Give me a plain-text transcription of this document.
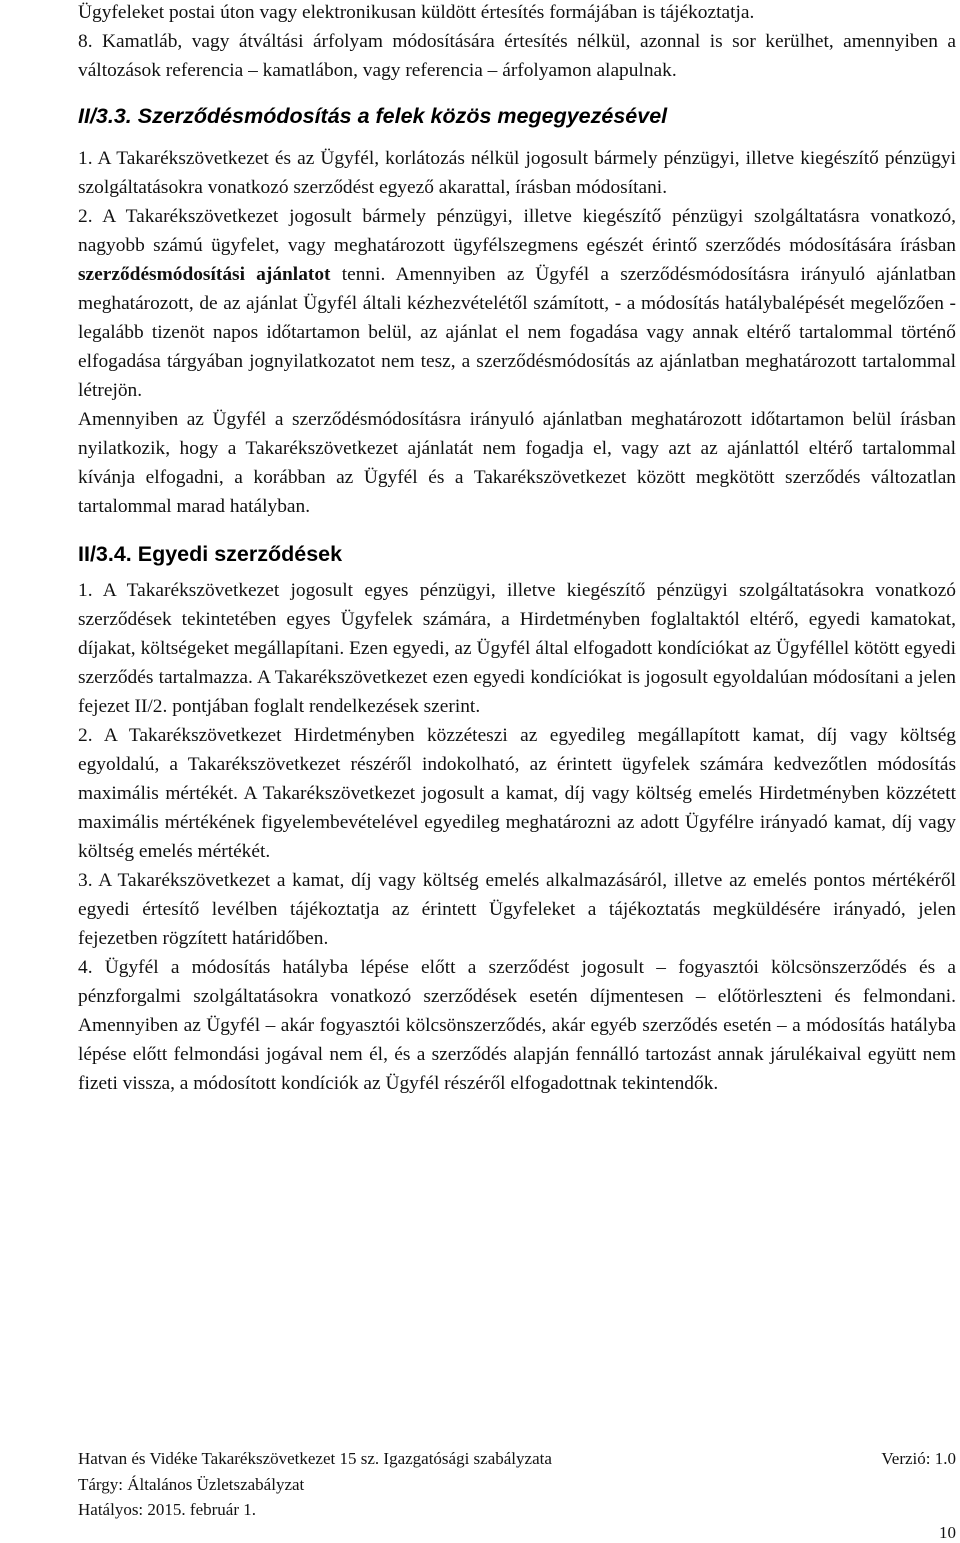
Ügyfeleket postai úton vagy elektronikusan küldött értesítés formájában is tájékoztatja.

8. Kamatláb, vagy átváltási árfolyam módosítására értesítés nélkül, azonnal is sor kerülhet, amennyiben a változások referencia – kamatlábon, vagy referencia – árfolyamon alapulnak.

II/3.3. Szerződésmódosítás a felek közös megegyezésével

1. A Takarékszövetkezet és az Ügyfél, korlátozás nélkül jogosult bármely pénzügyi, illetve kiegészítő pénzügyi szolgáltatásokra vonatkozó szerződést egyező akarattal, írásban módosítani.

2. A Takarékszövetkezet jogosult bármely pénzügyi, illetve kiegészítő pénzügyi szolgáltatásra vonatkozó, nagyobb számú ügyfelet, vagy meghatározott ügyfélszegmens egészét érintő szerződés módosítására írásban szerződésmódosítási ajánlatot tenni. Amennyiben az Ügyfél a szerződésmódosításra irányuló ajánlatban meghatározott, de az ajánlat Ügyfél általi kézhezvételétől számított, - a módosítás hatálybalépését megelőzően - legalább tizenöt napos időtartamon belül, az ajánlat el nem fogadása vagy annak eltérő tartalommal történő elfogadása tárgyában jognyilatkozatot nem tesz, a szerződésmódosítás az ajánlatban meghatározott tartalommal létrejön.

Amennyiben az Ügyfél a szerződésmódosításra irányuló ajánlatban meghatározott időtartamon belül írásban nyilatkozik, hogy a Takarékszövetkezet ajánlatát nem fogadja el, vagy azt az ajánlattól eltérő tartalommal kívánja elfogadni, a korábban az Ügyfél és a Takarékszövetkezet között megkötött szerződés változatlan tartalommal marad hatályban.

II/3.4. Egyedi szerződések

1. A Takarékszövetkezet jogosult egyes pénzügyi, illetve kiegészítő pénzügyi szolgáltatásokra vonatkozó szerződések tekintetében egyes Ügyfelek számára, a Hirdetményben foglaltaktól eltérő, egyedi kamatokat, díjakat, költségeket megállapítani. Ezen egyedi, az Ügyfél által elfogadott kondíciókat az Ügyféllel kötött egyedi szerződés tartalmazza. A Takarékszövetkezet ezen egyedi kondíciókat is jogosult egyoldalúan módosítani a jelen fejezet II/2. pontjában foglalt rendelkezések szerint.

2. A Takarékszövetkezet Hirdetményben közzéteszi az egyedileg megállapított kamat, díj vagy költség egyoldalú, a Takarékszövetkezet részéről indokolható, az érintett ügyfelek számára kedvezőtlen módosítás maximális mértékét. A Takarékszövetkezet jogosult a kamat, díj vagy költség emelés Hirdetményben közzétett maximális mértékének figyelembevételével egyedileg meghatározni az adott Ügyfélre irányadó kamat, díj vagy költség emelés mértékét.

3. A Takarékszövetkezet a kamat, díj vagy költség emelés alkalmazásáról, illetve az emelés pontos mértékéről egyedi értesítő levélben tájékoztatja az érintett Ügyfeleket a tájékoztatás megküldésére irányadó, jelen fejezetben rögzített határidőben.

4. Ügyfél a módosítás hatályba lépése előtt a szerződést jogosult – fogyasztói kölcsönszerződés és a pénzforgalmi szolgáltatásokra vonatkozó szerződések esetén díjmentesen – előtörleszteni és felmondani. Amennyiben az Ügyfél – akár fogyasztói kölcsönszerződés, akár egyéb szerződés esetén – a módosítás hatályba lépése előtt felmondási jogával nem él, és a szerződés alapján fennálló tartozást annak járulékaival együtt nem fizeti vissza, a módosított kondíciók az Ügyfél részéről elfogadottnak tekintendők.

Hatvan és Vidéke Takarékszövetkezet 15 sz. Igazgatósági szabályzata	Verzió: 1.0
Tárgy: Általános Üzletszabályzat
Hatályos: 2015. február 1.
10
